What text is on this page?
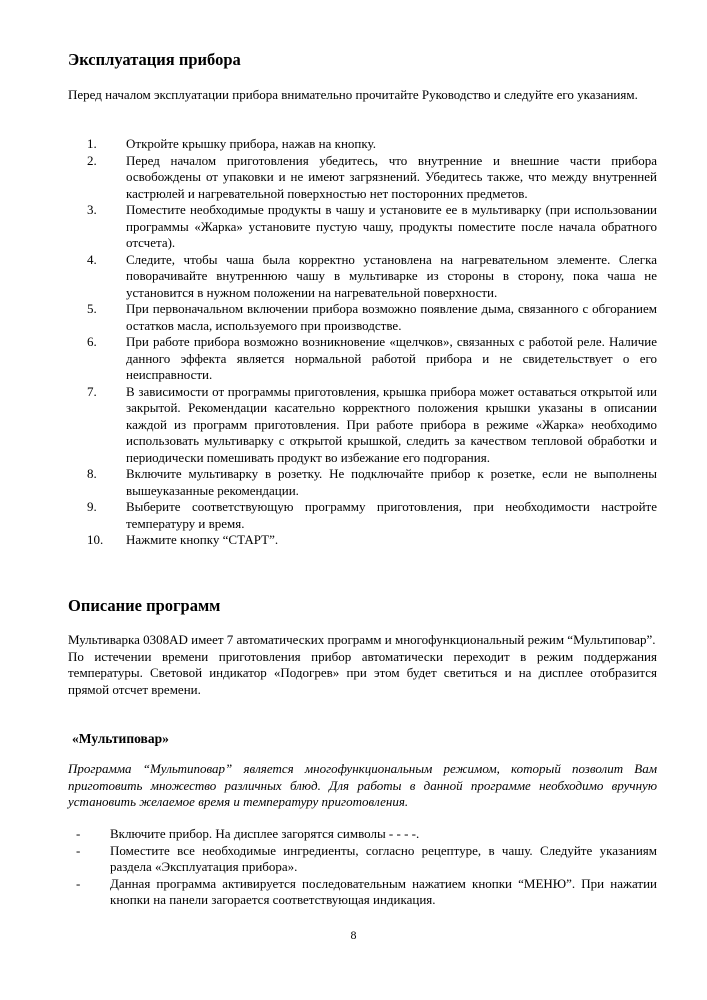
Эксплуатация прибора

Перед началом эксплуатации прибора внимательно прочитайте Руководство и следуйте его указаниям.

1.	Откройте крышку прибора, нажав на кнопку.
2.	Перед началом приготовления убедитесь, что внутренние и внешние части прибора освобождены от упаковки и не имеют загрязнений. Убедитесь также, что между внутренней кастрюлей и нагревательной поверхностью нет посторонних предметов.
3.	Поместите необходимые продукты в чашу и установите ее в мультиварку (при использовании программы «Жарка» установите пустую чашу, продукты поместите после начала обратного отсчета).
4.	Следите, чтобы чаша была корректно установлена на нагревательном элементе. Слегка поворачивайте внутреннюю чашу в мультиварке из стороны в сторону, пока чаша не установится в нужном положении на нагревательной поверхности.
5.	При первоначальном включении прибора возможно появление дыма, связанного с обгоранием остатков масла, используемого при производстве.
6.	При работе прибора возможно возникновение «щелчков», связанных с работой реле. Наличие данного эффекта является нормальной работой прибора и не свидетельствует о его неисправности.
7.	В зависимости от программы приготовления, крышка прибора может оставаться открытой или закрытой. Рекомендации касательно корректного положения крышки указаны в описании каждой из программ приготовления. При работе прибора в режиме «Жарка» необходимо использовать мультиварку с открытой крышкой, следить за качеством тепловой обработки и периодически помешивать продукт во избежание его подгорания.
8.	Включите мультиварку в розетку. Не подключайте прибор к розетке, если не выполнены вышеуказанные рекомендации.
9.	Выберите соответствующую программу приготовления, при необходимости настройте температуру и время.
10.	Нажмите кнопку “СТАРТ”.
Описание программ

Мультиварка 0308AD имеет 7 автоматических программ и многофункциональный режим “Мультиповар”.

По истечении времени приготовления прибор автоматически переходит в режим поддержания температуры. Световой индикатор «Подогрев» при этом будет светиться и на дисплее отобразится прямой отсчет времени.

«Мультиповар»

Программа “Мультиповар” является многофункциональным режимом, который позволит Вам приготовить множество различных блюд. Для работы в данной программе необходимо вручную установить желаемое время и температуру приготовления.

-	Включите прибор. На дисплее загорятся символы - - - -.
-	Поместите все необходимые ингредиенты, согласно рецептуре, в чашу. Следуйте указаниям раздела «Эксплуатация прибора».
-	Данная программа активируется последовательным нажатием кнопки “МЕНЮ”. При нажатии кнопки на панели загорается соответствующая индикация.
8
